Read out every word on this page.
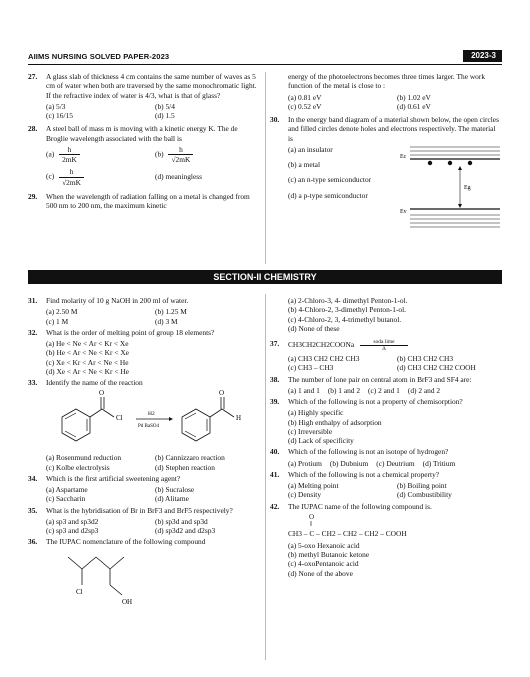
AIIMS NURSING SOLVED PAPER-2023	2023-3
27. A glass slab of thickness 4 cm contains the same number of waves as 5 cm of water when both are traversed by the same monochromatic light. If the refractive index of water is 4/3, what is that of glass?
(a) 5/3	(b) 5/4
(c) 16/15	(d) 1.5
28. A steel ball of mass m is moving with a kinetic energy K. The de Broglie wavelength associated with the ball is
$(a) \frac{h}{2mK}$	$(b) \frac{h}{√2mK}$
$(c) \frac{h}{√2mK}$	(d) meaningless
29. When the wavelength of radiation falling on a metal is changed from 500 nm to 200 nm, the maximum kinetic
energy of the photoelectrons becomes three times larger. The work function of the metal is close to :
(a) 0.81 eV	(b) 1.02 eV
(c) 0.52 eV	(d) 0.61 eV
30. In the energy band diagram of a material shown below, the open circles and filled circles denote holes and electrons respectively. The material is
(a) an insulator
(b) a metal
(c) an n-type semiconductor
(d) a p-type semiconductor
Ec
Eg
Ev
SECTION-II CHEMISTRY
31. Find molarity of 10 g NaOH in 200 ml of water.
(a) 2.50 M	(b) 1.25 M
(c) 1 M	(d) 3 M
32. What is the order of melting point of group 18 elements?
(a) He < Ne < Ar < Kr < Xe
(b) He < Ar < Ne < Kr < Xe
(c) Xe < Kr < Ar < Ne < He
(d) Xe < Ar < Ne < Kr < He
33. Identify the name of the reaction
O
Cl	H2
Pd BaSO4
O
H
(a) Rosenmund reduction	(b) Cannizzaro reaction
(c) Kolbe electrolysis	(d) Stephen reaction
34. Which is the first artificial sweetening agent?
(a) Aspartame	(b) Sucralose
(c) Saccharin	(d) Alitame
35. What is the hybridisation of Br in BrF3 and BrF5 respectively?
(a) sp3 and sp3d2	(b) sp3d and sp3d
(c) sp3 and d2sp3	(d) sp3d2 and d2sp3
36. The IUPAC nomenclature of the following compound
Cl
OH
(a) 2-Chloro-3, 4- dimethyl Penton-1-ol.
(b) 4-Chloro-2, 3-dimethyl Penton-1-ol.
(c) 4-Chloro-2, 3, 4-trimethyl butanol.
(d) None of these
37. CH3CH2CH2COONa	soda lime
Δ
(a) CH3 CH2 CH2 CH3	(b) CH3 CH2 CH3
(c) CH3 – CH3	(d) CH3 CH2 CH2 COOH
38. The number of lone pair on central atom in BrF3 and SF4 are:
(a) 1 and 1 (b) 1 and 2 (c) 2 and 1 (d) 2 and 2
39. Which of the following is not a property of chemisorption?
(a) Highly specific
(b) High enthalpy of adsorption
(c) Irreversible
(d) Lack of specificity
40. Which of the following is not an isotope of hydrogen?
(a) Protium (b) Dubnium (c) Deutrium (d) Tritium
41. Which of the following is not a chemical property?
(a) Melting point	(b) Boiling point
(c) Density	(d) Combustibility
42. The IUPAC name of the following compound is.
O
‖
CH3 – C – CH2 – CH2 – CH2 – COOH
(a) 5-oxo Hexanoic acid
(b) methyl Butanoic ketone
(c) 4-oxoPentanoic acid
(d) None of the above
